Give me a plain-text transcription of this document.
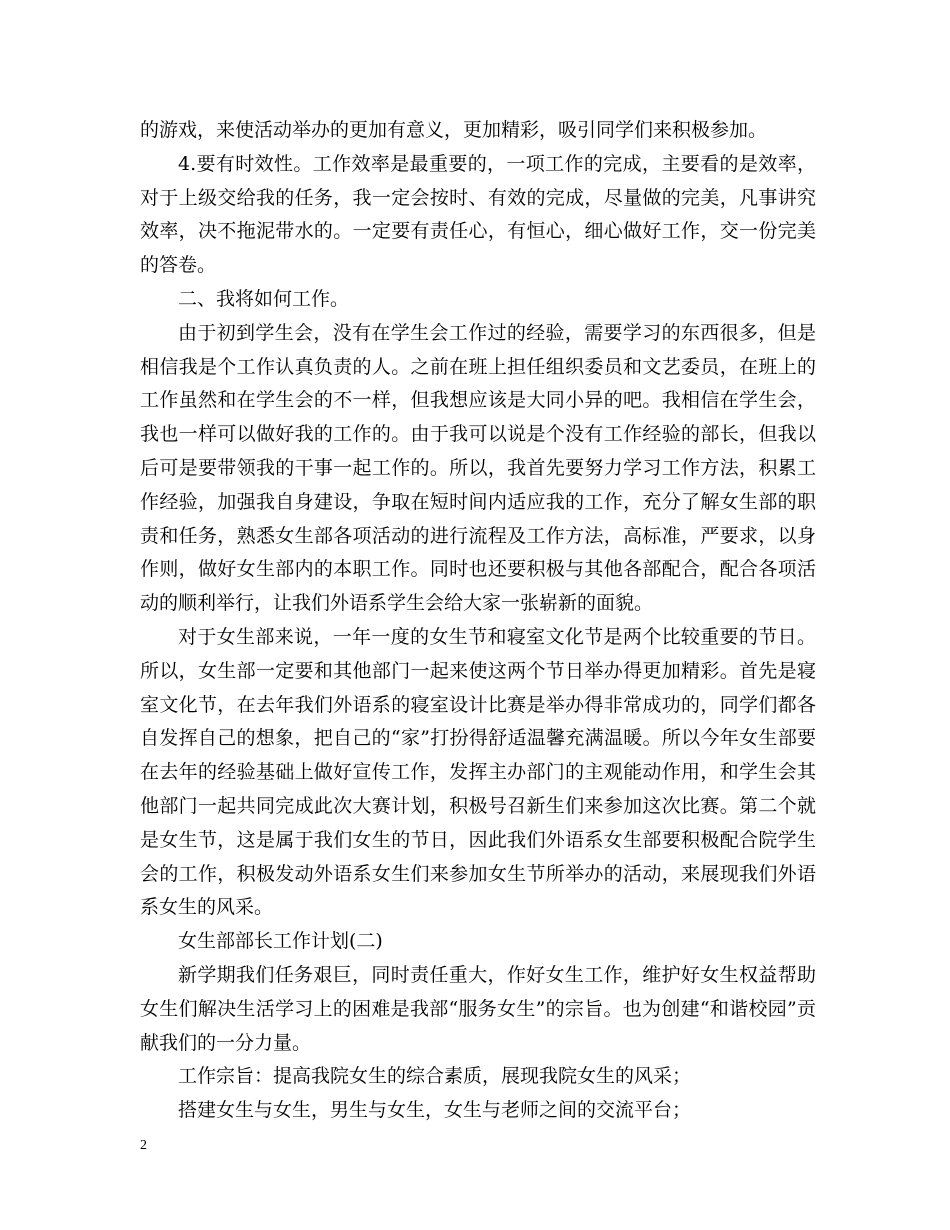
的游戏，来使活动举办的更加有意义，更加精彩，吸引同学们来积极参加。

4.要有时效性。工作效率是最重要的，一项工作的完成，主要看的是效率，对于上级交给我的任务，我一定会按时、有效的完成，尽量做的完美，凡事讲究效率，决不拖泥带水的。一定要有责任心，有恒心，细心做好工作，交一份完美的答卷。

二、我将如何工作。

由于初到学生会，没有在学生会工作过的经验，需要学习的东西很多，但是相信我是个工作认真负责的人。之前在班上担任组织委员和文艺委员，在班上的工作虽然和在学生会的不一样，但我想应该是大同小异的吧。我相信在学生会，我也一样可以做好我的工作的。由于我可以说是个没有工作经验的部长，但我以后可是要带领我的干事一起工作的。所以，我首先要努力学习工作方法，积累工作经验，加强我自身建设，争取在短时间内适应我的工作，充分了解女生部的职责和任务，熟悉女生部各项活动的进行流程及工作方法，高标准，严要求，以身作则，做好女生部内的本职工作。同时也还要积极与其他各部配合，配合各项活动的顺利举行，让我们外语系学生会给大家一张崭新的面貌。

对于女生部来说，一年一度的女生节和寝室文化节是两个比较重要的节日。所以，女生部一定要和其他部门一起来使这两个节日举办得更加精彩。首先是寝室文化节，在去年我们外语系的寝室设计比赛是举办得非常成功的，同学们都各自发挥自己的想象，把自己的“家”打扮得舒适温馨充满温暖。所以今年女生部要在去年的经验基础上做好宣传工作，发挥主办部门的主观能动作用，和学生会其他部门一起共同完成此次大赛计划，积极号召新生们来参加这次比赛。第二个就是女生节，这是属于我们女生的节日，因此我们外语系女生部要积极配合院学生会的工作，积极发动外语系女生们来参加女生节所举办的活动，来展现我们外语系女生的风采。

女生部部长工作计划(二)

新学期我们任务艰巨，同时责任重大，作好女生工作，维护好女生权益帮助女生们解决生活学习上的困难是我部“服务女生”的宗旨。也为创建“和谐校园”贡献我们的一分力量。

工作宗旨：提高我院女生的综合素质，展现我院女生的风采；

搭建女生与女生，男生与女生，女生与老师之间的交流平台；

2
